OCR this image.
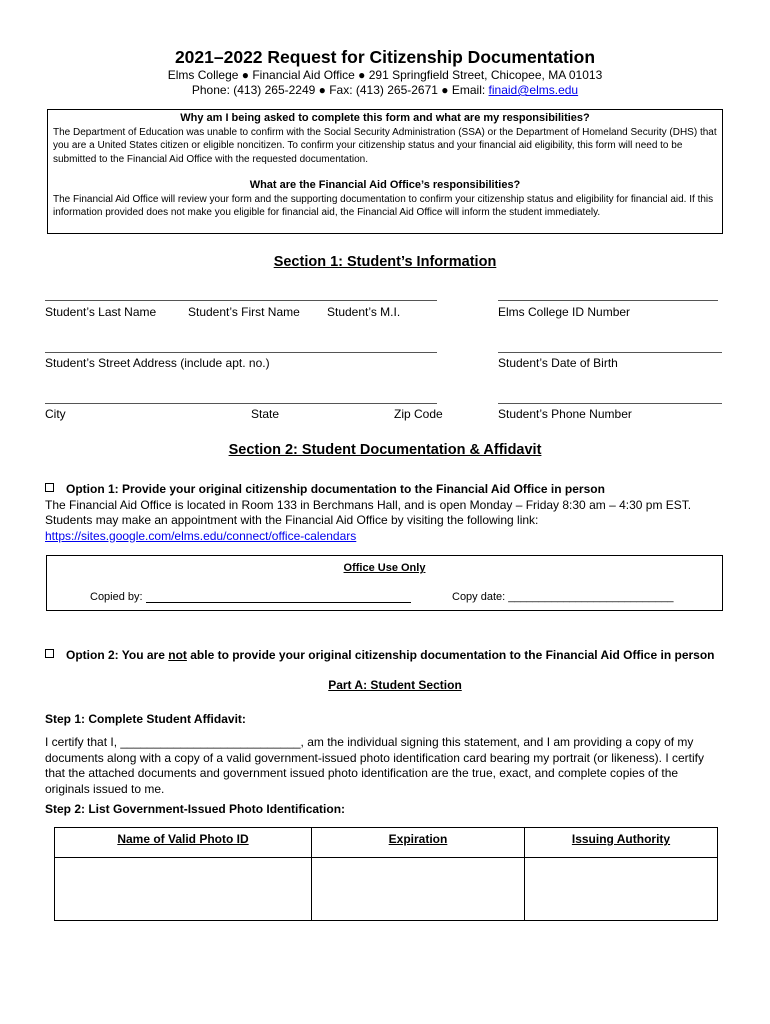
2021–2022 Request for Citizenship Documentation
Elms College ● Financial Aid Office ● 291 Springfield Street, Chicopee, MA 01013
Phone: (413) 265-2249 ● Fax: (413) 265-2671 ● Email: finaid@elms.edu
Why am I being asked to complete this form and what are my responsibilities?

The Department of Education was unable to confirm with the Social Security Administration (SSA) or the Department of Homeland Security (DHS) that you are a United States citizen or eligible noncitizen. To confirm your citizenship status and your financial aid eligibility, this form will need to be submitted to the Financial Aid Office with the requested documentation.

What are the Financial Aid Office’s responsibilities?

The Financial Aid Office will review your form and the supporting documentation to confirm your citizenship status and eligibility for financial aid. If this information provided does not make you eligible for financial aid, the Financial Aid Office will inform the student immediately.

Section 1: Student’s Information
Student’s Last Name	Student’s First Name Student’s M.I.	Elms College ID Number
Student’s Street Address (include apt. no.)	Student’s Date of Birth
City	State	Zip Code	Student’s Phone Number
Section 2: Student Documentation & Affidavit
Option 1: Provide your original citizenship documentation to the Financial Aid Office in person
The Financial Aid Office is located in Room 133 in Berchmans Hall, and is open Monday – Friday 8:30 am – 4:30 pm EST. Students may make an appointment with the Financial Aid Office by visiting the following link:
https://sites.google.com/elms.edu/connect/office-calendars
Office Use Only
Copied by:	Copy date: ___________________________
Option 2: You are not able to provide your original citizenship documentation to the Financial Aid Office in person
Part A: Student Section
Step 1: Complete Student Affidavit:
I certify that I, ___________________________, am the individual signing this statement, and I am providing a copy of my documents along with a copy of a valid government-issued photo identification card bearing my portrait (or likeness). I certify that the attached documents and government issued photo identification are the true, exact, and complete copies of the originals issued to me.
Step 2: List Government-Issued Photo Identification:
Name of Valid Photo ID	Expiration	Issuing Authority
